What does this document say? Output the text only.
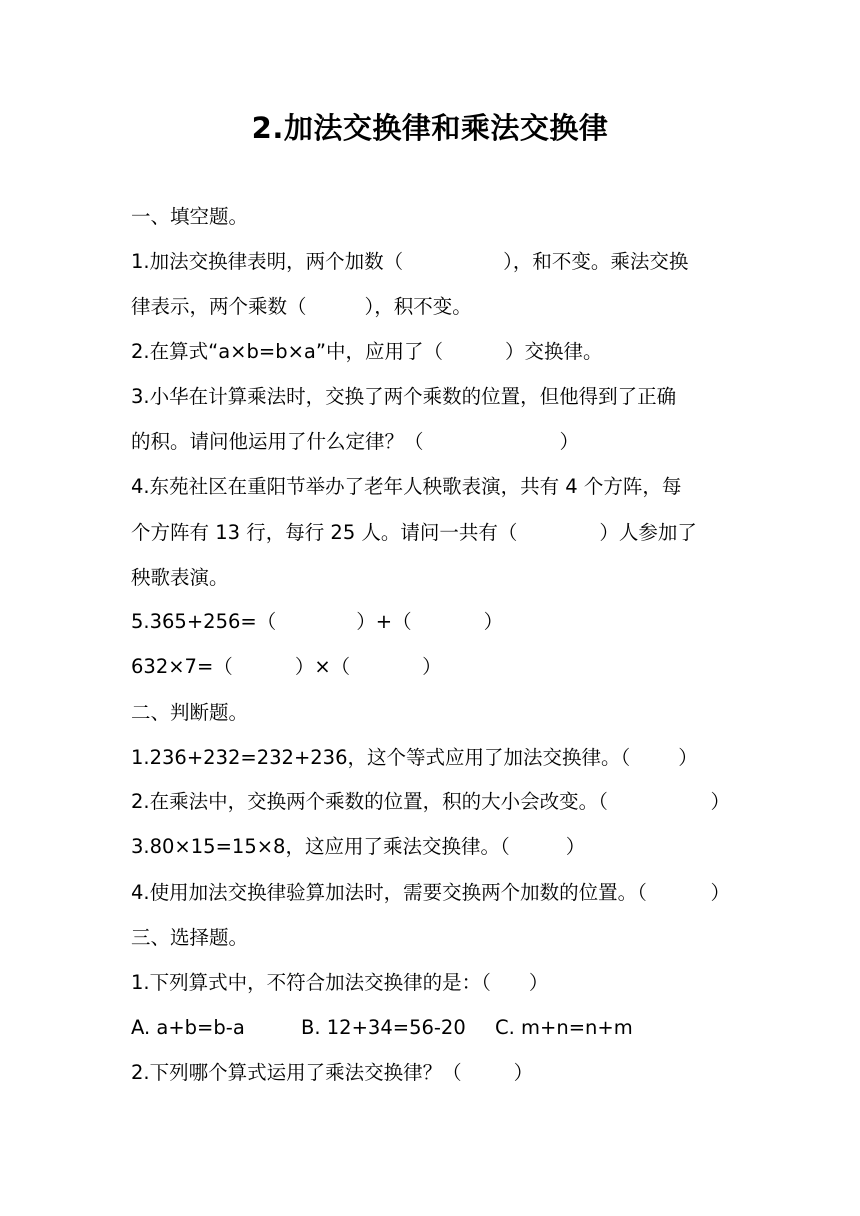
2.加法交换律和乘法交换律
一、填空题。
1.加法交换律表明，两个加数（	），和不变。乘法交换
律表示，两个乘数（	），积不变。
2.在算式“a×b=b×a”中，应用了（	）交换律。
3.小华在计算乘法时，交换了两个乘数的位置，但他得到了正确
的积。请问他运用了什么定律？（	）
4.东苑社区在重阳节举办了老年人秧歌表演，共有 4 个方阵，每
个方阵有 13 行，每行 25 人。请问一共有（	）人参加了
秧歌表演。
5.365+256=（	）+（	）
632×7=（	）×（	）
二、判断题。
1.236+232=232+236，这个等式应用了加法交换律。（ ）
2.在乘法中，交换两个乘数的位置，积的大小会改变。（	）
3.80×15=15×8，这应用了乘法交换律。（	）
4.使用加法交换律验算加法时，需要交换两个加数的位置。（	）
三、选择题。
1.下列算式中，不符合加法交换律的是：（ ）
A. a+b=b-a	B. 12+34=56-20 C. m+n=n+m
2.下列哪个算式运用了乘法交换律？（	）
